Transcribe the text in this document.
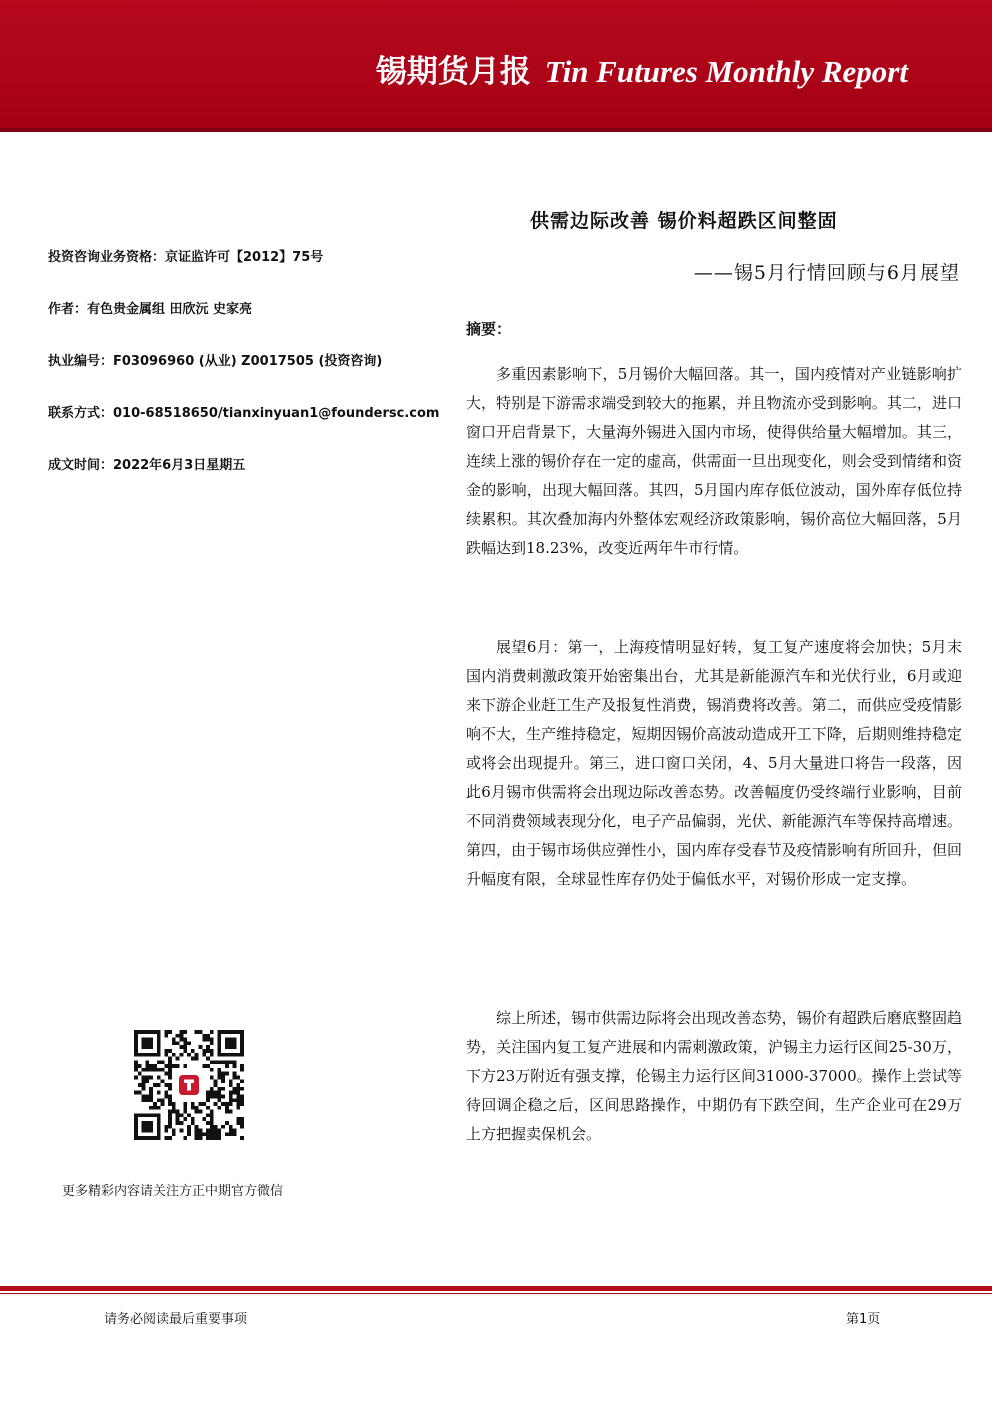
锡期货月报 Tin Futures Monthly Report
投资咨询业务资格：京证监许可【2012】75号
作者：有色贵金属组 田欣沅 史家亮
执业编号：F03096960 (从业) Z0017505 (投资咨询)
联系方式：010-68518650/tianxinyuan1@foundersc.com
成文时间：2022年6月3日星期五
供需边际改善 锡价料超跌区间整固
——锡5月行情回顾与6月展望
摘要：

多重因素影响下，5月锡价大幅回落。其一，国内疫情对产业链影响扩大，特别是下游需求端受到较大的拖累，并且物流亦受到影响。其二，进口窗口开启背景下，大量海外锡进入国内市场，使得供给量大幅增加。其三，连续上涨的锡价存在一定的虚高，供需面一旦出现变化，则会受到情绪和资金的影响，出现大幅回落。其四，5月国内库存低位波动，国外库存低位持续累积。其次叠加海内外整体宏观经济政策影响，锡价高位大幅回落，5月跌幅达到18.23%，改变近两年牛市行情。

展望6月：第一，上海疫情明显好转，复工复产速度将会加快；5月末国内消费刺激政策开始密集出台，尤其是新能源汽车和光伏行业，6月或迎来下游企业赶工生产及报复性消费，锡消费将改善。第二，而供应受疫情影响不大，生产维持稳定，短期因锡价高波动造成开工下降，后期则维持稳定或将会出现提升。第三，进口窗口关闭，4、5月大量进口将告一段落，因此6月锡市供需将会出现边际改善态势。改善幅度仍受终端行业影响，目前不同消费领域表现分化，电子产品偏弱，光伏、新能源汽车等保持高增速。第四，由于锡市场供应弹性小，国内库存受春节及疫情影响有所回升，但回升幅度有限，全球显性库存仍处于偏低水平，对锡价形成一定支撑。

综上所述，锡市供需边际将会出现改善态势，锡价有超跌后磨底整固趋势，关注国内复工复产进展和内需刺激政策，沪锡主力运行区间25-30万，下方23万附近有强支撑，伦锡主力运行区间31000-37000。操作上尝试等待回调企稳之后，区间思路操作，中期仍有下跌空间，生产企业可在29万上方把握卖保机会。

更多精彩内容请关注方正中期官方微信
请务必阅读最后重要事项	第1页
